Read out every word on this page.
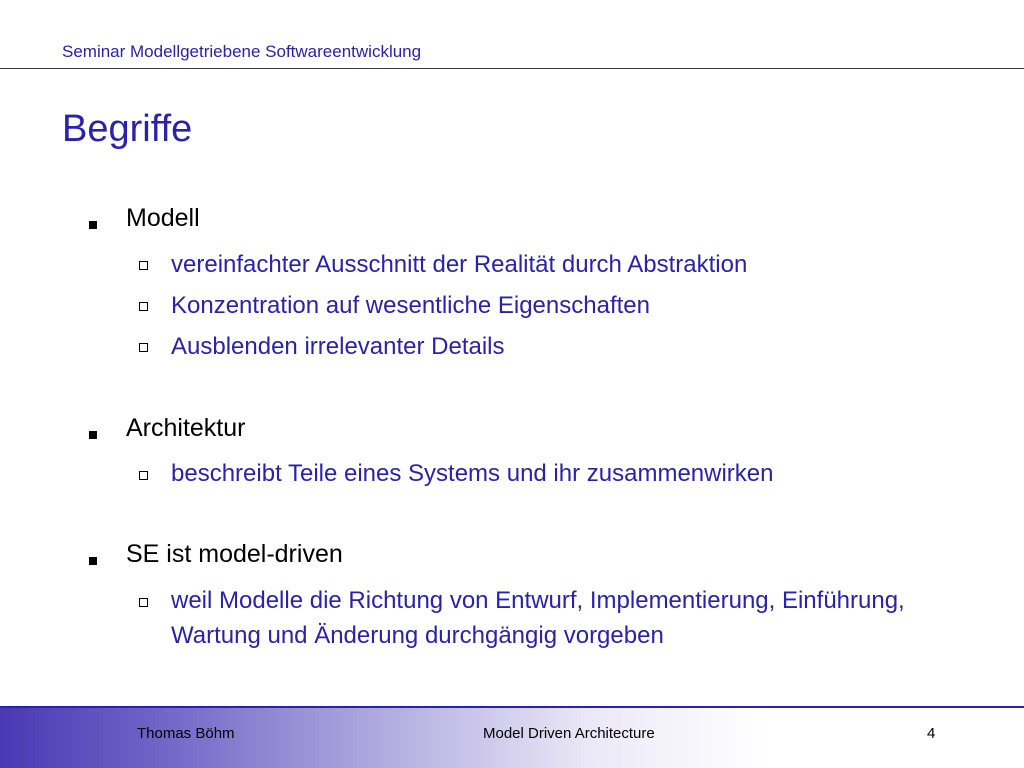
Seminar Modellgetriebene Softwareentwicklung
Begriffe
Modell
vereinfachter Ausschnitt der Realität durch Abstraktion
Konzentration auf wesentliche Eigenschaften
Ausblenden irrelevanter Details
Architektur
beschreibt Teile eines Systems und ihr zusammenwirken
SE ist model-driven
weil Modelle die Richtung von Entwurf, Implementierung, Einführung, Wartung und Änderung durchgängig vorgeben
Thomas Böhm	Model Driven Architecture	4
